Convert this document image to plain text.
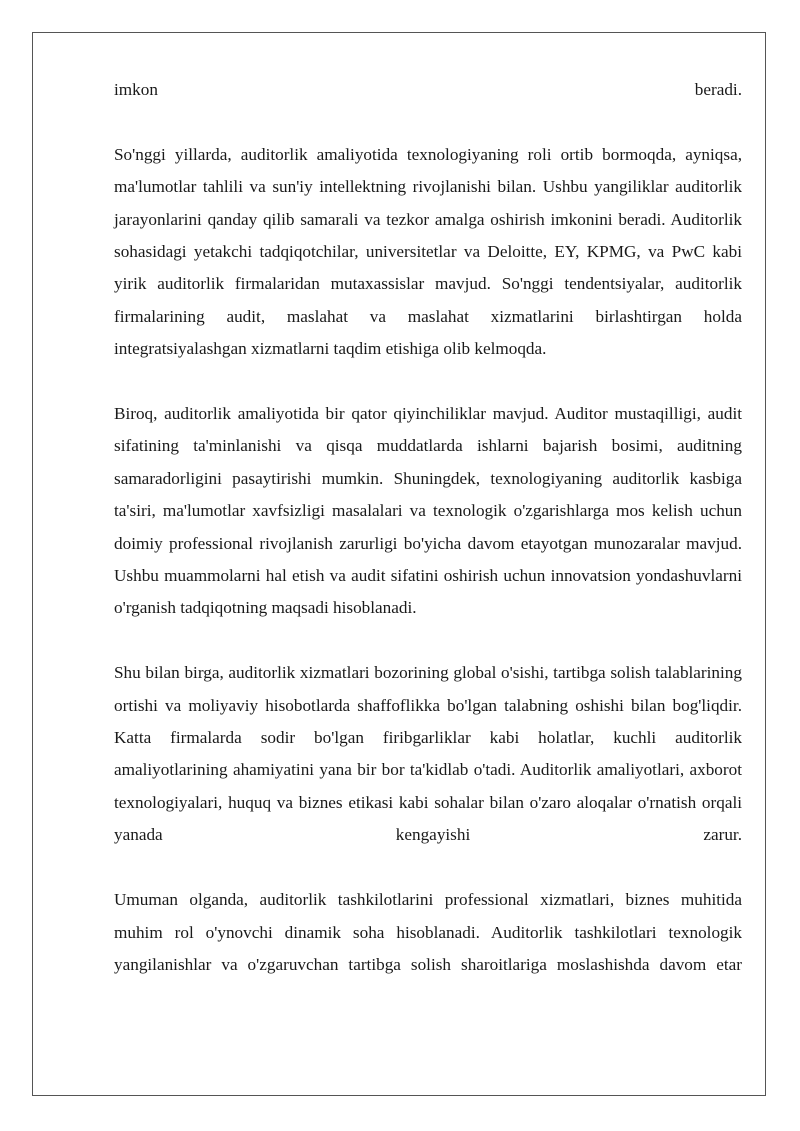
imkon	beradi.

So'nggi yillarda, auditorlik amaliyotida texnologiyaning roli ortib bormoqda, ayniqsa, ma'lumotlar tahlili va sun'iy intellektning rivojlanishi bilan. Ushbu yangiliklar auditorlik jarayonlarini qanday qilib samarali va tezkor amalga oshirish imkonini beradi. Auditorlik sohasidagi yetakchi tadqiqotchilar, universitetlar va Deloitte, EY, KPMG, va PwC kabi yirik auditorlik firmalaridan mutaxassislar mavjud. So'nggi tendentsiyalar, auditorlik firmalarining audit, maslahat va maslahat xizmatlarini birlashtirgan holda integratsiyalashgan xizmatlarni taqdim etishiga olib kelmoqda.

Biroq, auditorlik amaliyotida bir qator qiyinchiliklar mavjud. Auditor mustaqilligi, audit sifatining ta'minlanishi va qisqa muddatlarda ishlarni bajarish bosimi, auditning samaradorligini pasaytirishi mumkin. Shuningdek, texnologiyaning auditorlik kasbiga ta'siri, ma'lumotlar xavfsizligi masalalari va texnologik o'zgarishlarga mos kelish uchun doimiy professional rivojlanish zarurligi bo'yicha davom etayotgan munozaralar mavjud. Ushbu muammolarni hal etish va audit sifatini oshirish uchun innovatsion yondashuvlarni o'rganish tadqiqotning maqsadi hisoblanadi.

Shu bilan birga, auditorlik xizmatlari bozorining global o'sishi, tartibga solish talablarining ortishi va moliyaviy hisobotlarda shaffoflikka bo'lgan talabning oshishi bilan bog'liqdir. Katta firmalarda sodir bo'lgan firibgarliklar kabi holatlar, kuchli auditorlik amaliyotlarining ahamiyatini yana bir bor ta'kidlab o'tadi. Auditorlik amaliyotlari, axborot texnologiyalari, huquq va biznes etikasi kabi sohalar bilan o'zaro aloqalar o'rnatish orqali yanada kengayishi zarur.

Umuman olganda, auditorlik tashkilotlarini professional xizmatlari, biznes muhitida muhim rol o'ynovchi dinamik soha hisoblanadi. Auditorlik tashkilotlari texnologik yangilanishlar va o'zgaruvchan tartibga solish sharoitlariga moslashishda davom etar
